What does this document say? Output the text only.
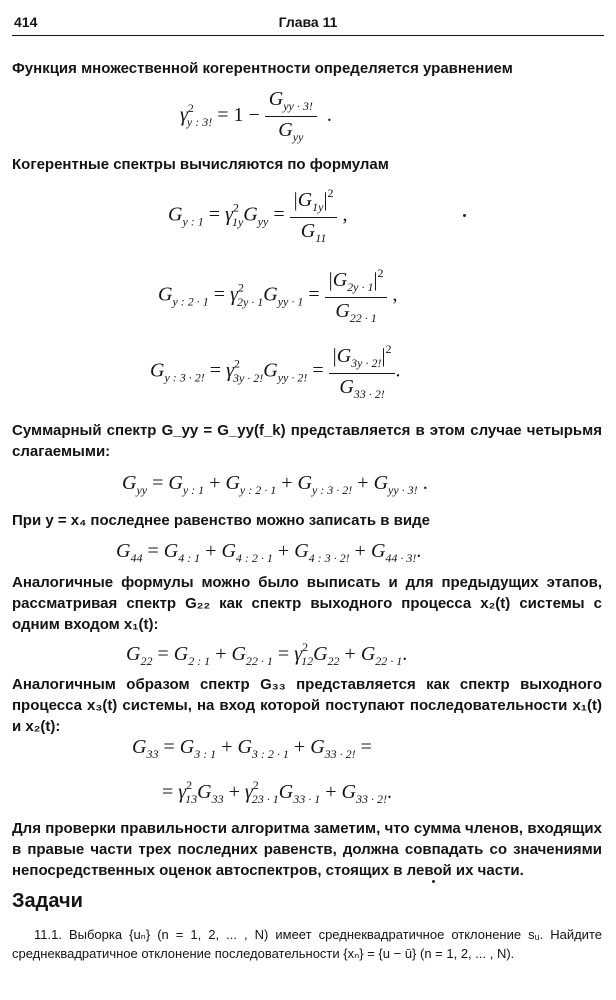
414	Глава 11
Функция множественной когерентности определяется уравнением
$\gamma^2_{y : 3!} = 1 - \frac{G_{yy \cdot 3!}}{G_{yy}}$ .
Когерентные спектры вычисляются по формулам
$G_{y : 1} = \gamma^2_{1y}G_{yy} = \frac{|G_{1y}|^2}{G_{11}}$ ,
$G_{y : 2 \cdot 1} = \gamma^2_{2y \cdot 1}G_{yy \cdot 1} = \frac{|G_{2y \cdot 1}|^2}{G_{22 \cdot 1}}$ ,
$G_{y : 3 \cdot 2!} = \gamma^2_{3y \cdot 2!}G_{yy \cdot 2!} = \frac{|G_{3y \cdot 2!}|^2}{G_{33 \cdot 2!}}$ .
Суммарный спектр G_yy = G_yy(f_k) представляется в этом случае четырьмя слагаемыми:
$G_{yy} = G_{y : 1} + G_{y : 2 \cdot 1} + G_{y : 3 \cdot 2!} + G_{yy \cdot 3!}$ .
При y = x₄ последнее равенство можно записать в виде
$G_{44} = G_{4 : 1} + G_{4 : 2 \cdot 1} + G_{4 : 3 \cdot 2!} + G_{44 \cdot 3!}$.
Аналогичные формулы можно было выписать и для предыдущих этапов, рассматривая спектр G₂₂ как спектр выходного процесса x₂(t) системы с одним входом x₁(t):
$G_{22} = G_{2 : 1} + G_{22 \cdot 1} = \gamma^2_{12}G_{22} + G_{22 \cdot 1}$.
Аналогичным образом спектр G₃₃ представляется как спектр выходного процесса x₃(t) системы, на вход которой поступают последовательности x₁(t) и x₂(t):
$G_{33} = G_{3 : 1} + G_{3 : 2 \cdot 1} + G_{33 \cdot 2!}$ =
= $\gamma^2_{13}G_{33} + \gamma^2_{23 \cdot 1}G_{33 \cdot 1} + G_{33 \cdot 2!}$.
Для проверки правильности алгоритма заметим, что сумма членов, входящих в правые части трех последних равенств, должна совпадать со значениями непосредственных оценок автоспектров, стоящих в левой их части.
Задачи
11.1. Выборка {uₙ} (n = 1, 2, ... , N) имеет среднеквадратичное отклонение sᵤ. Найдите среднеквадратичное отклонение последовательности {xₙ} = {u − ū} (n = 1, 2, ... , N).
